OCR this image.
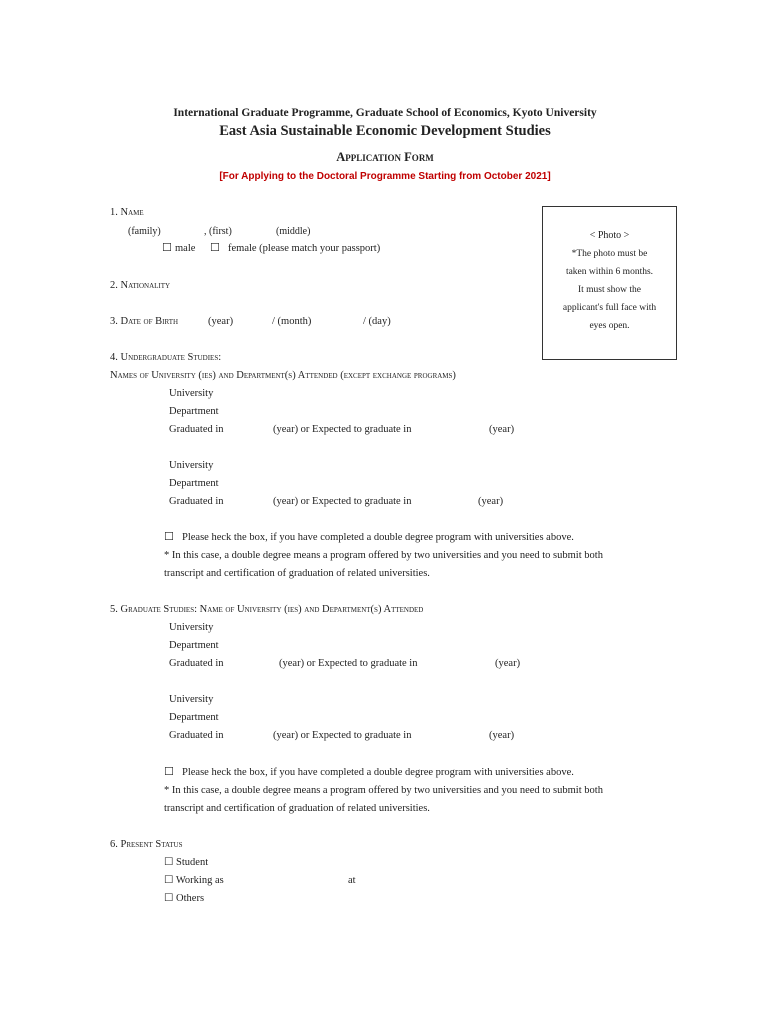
International Graduate Programme, Graduate School of Economics, Kyoto University
East Asia Sustainable Economic Development Studies
Application Form
[For Applying to the Doctoral Programme Starting from October 2021]
< Photo >
*The photo must be
taken within 6 months.
It must show the
applicant's full face with
eyes open.
1. Name
(family)	, (first)	(middle)
☐ male ☐ female (please match your passport)
2. Nationality
3. Date of Birth	(year)	/ (month)	/ (day)
4. Undergraduate Studies:
Names of University (ies) and Department(s) Attended (except exchange programs)
University
Department
Graduated in	(year) or Expected to graduate in	(year)
University
Department
Graduated in	(year) or Expected to graduate in	(year)
☐ Please heck the box, if you have completed a double degree program with universities above.
* In this case, a double degree means a program offered by two universities and you need to submit both
transcript and certification of graduation of related universities.
5. Graduate Studies: Name of University (ies) and Department(s) Attended
University
Department
Graduated in	(year) or Expected to graduate in	(year)
University
Department
Graduated in	(year) or Expected to graduate in	(year)
☐ Please heck the box, if you have completed a double degree program with universities above.
* In this case, a double degree means a program offered by two universities and you need to submit both
transcript and certification of graduation of related universities.
6. Present Status
☐ Student
☐ Working as	at
☐ Others
